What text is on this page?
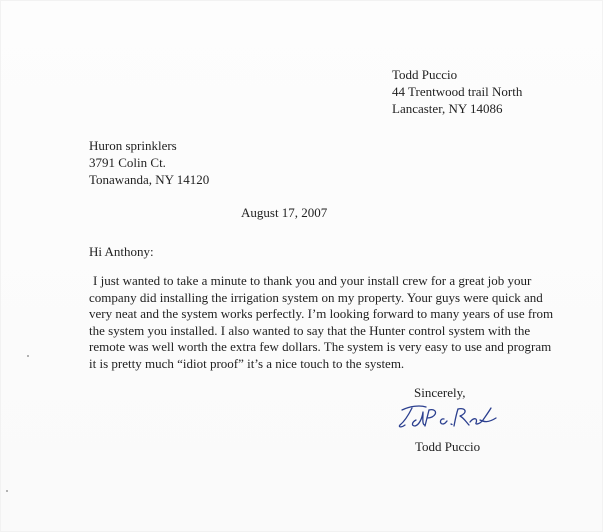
Todd Puccio
44 Trentwood trail North
Lancaster, NY 14086
Huron sprinklers
3791 Colin Ct.
Tonawanda, NY 14120
August 17, 2007
Hi Anthony:
I just wanted to take a minute to thank you and your install crew for a great job your
company did installing the irrigation system on my property. Your guys were quick and
very neat and the system works perfectly. I’m looking forward to many years of use from
the system you installed. I also wanted to say that the Hunter control system with the
remote was well worth the extra few dollars. The system is very easy to use and program
it is pretty much “idiot proof” it’s a nice touch to the system.
Sincerely,
Todd Puccio
